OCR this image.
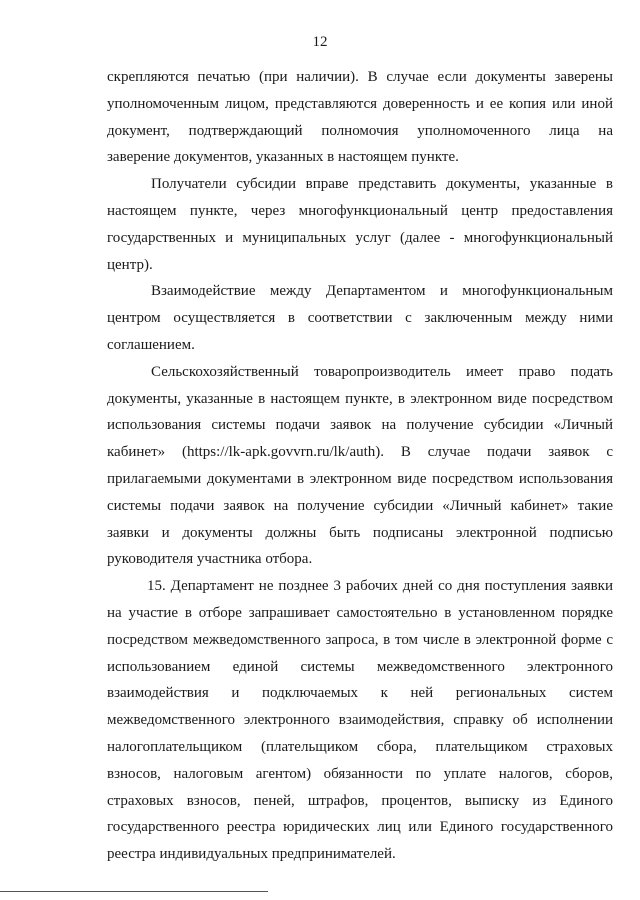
12
скрепляются печатью (при наличии). В случае если документы заверены
уполномоченным лицом, представляются доверенность и ее копия или иной
документ, подтверждающий полномочия уполномоченного лица на
заверение документов, указанных в настоящем пункте.
Получатели субсидии вправе представить документы, указанные в
настоящем пункте, через многофункциональный центр предоставления
государственных и муниципальных услуг (далее - многофункциональный
центр).
Взаимодействие между Департаментом и многофункциональным
центром осуществляется в соответствии с заключенным между ними
соглашением.
Сельскохозяйственный товаропроизводитель имеет право подать
документы, указанные в настоящем пункте, в электронном виде посредством
использования системы подачи заявок на получение субсидии «Личный
кабинет» (https://lk-apk.govvrn.ru/lk/auth). В случае подачи заявок с
прилагаемыми документами в электронном виде посредством использования
системы подачи заявок на получение субсидии «Личный кабинет» такие
заявки и документы должны быть подписаны электронной подписью
руководителя участника отбора.
15. Департамент не позднее 3 рабочих дней со дня поступления заявки
на участие в отборе запрашивает самостоятельно в установленном порядке
посредством межведомственного запроса, в том числе в электронной форме с
использованием единой системы межведомственного электронного
взаимодействия и подключаемых к ней региональных систем
межведомственного электронного взаимодействия, справку об исполнении
налогоплательщиком (плательщиком сбора, плательщиком страховых
взносов, налоговым агентом) обязанности по уплате налогов, сборов,
страховых взносов, пеней, штрафов, процентов, выписку из Единого
государственного реестра юридических лиц или Единого государственного
реестра индивидуальных предпринимателей.
